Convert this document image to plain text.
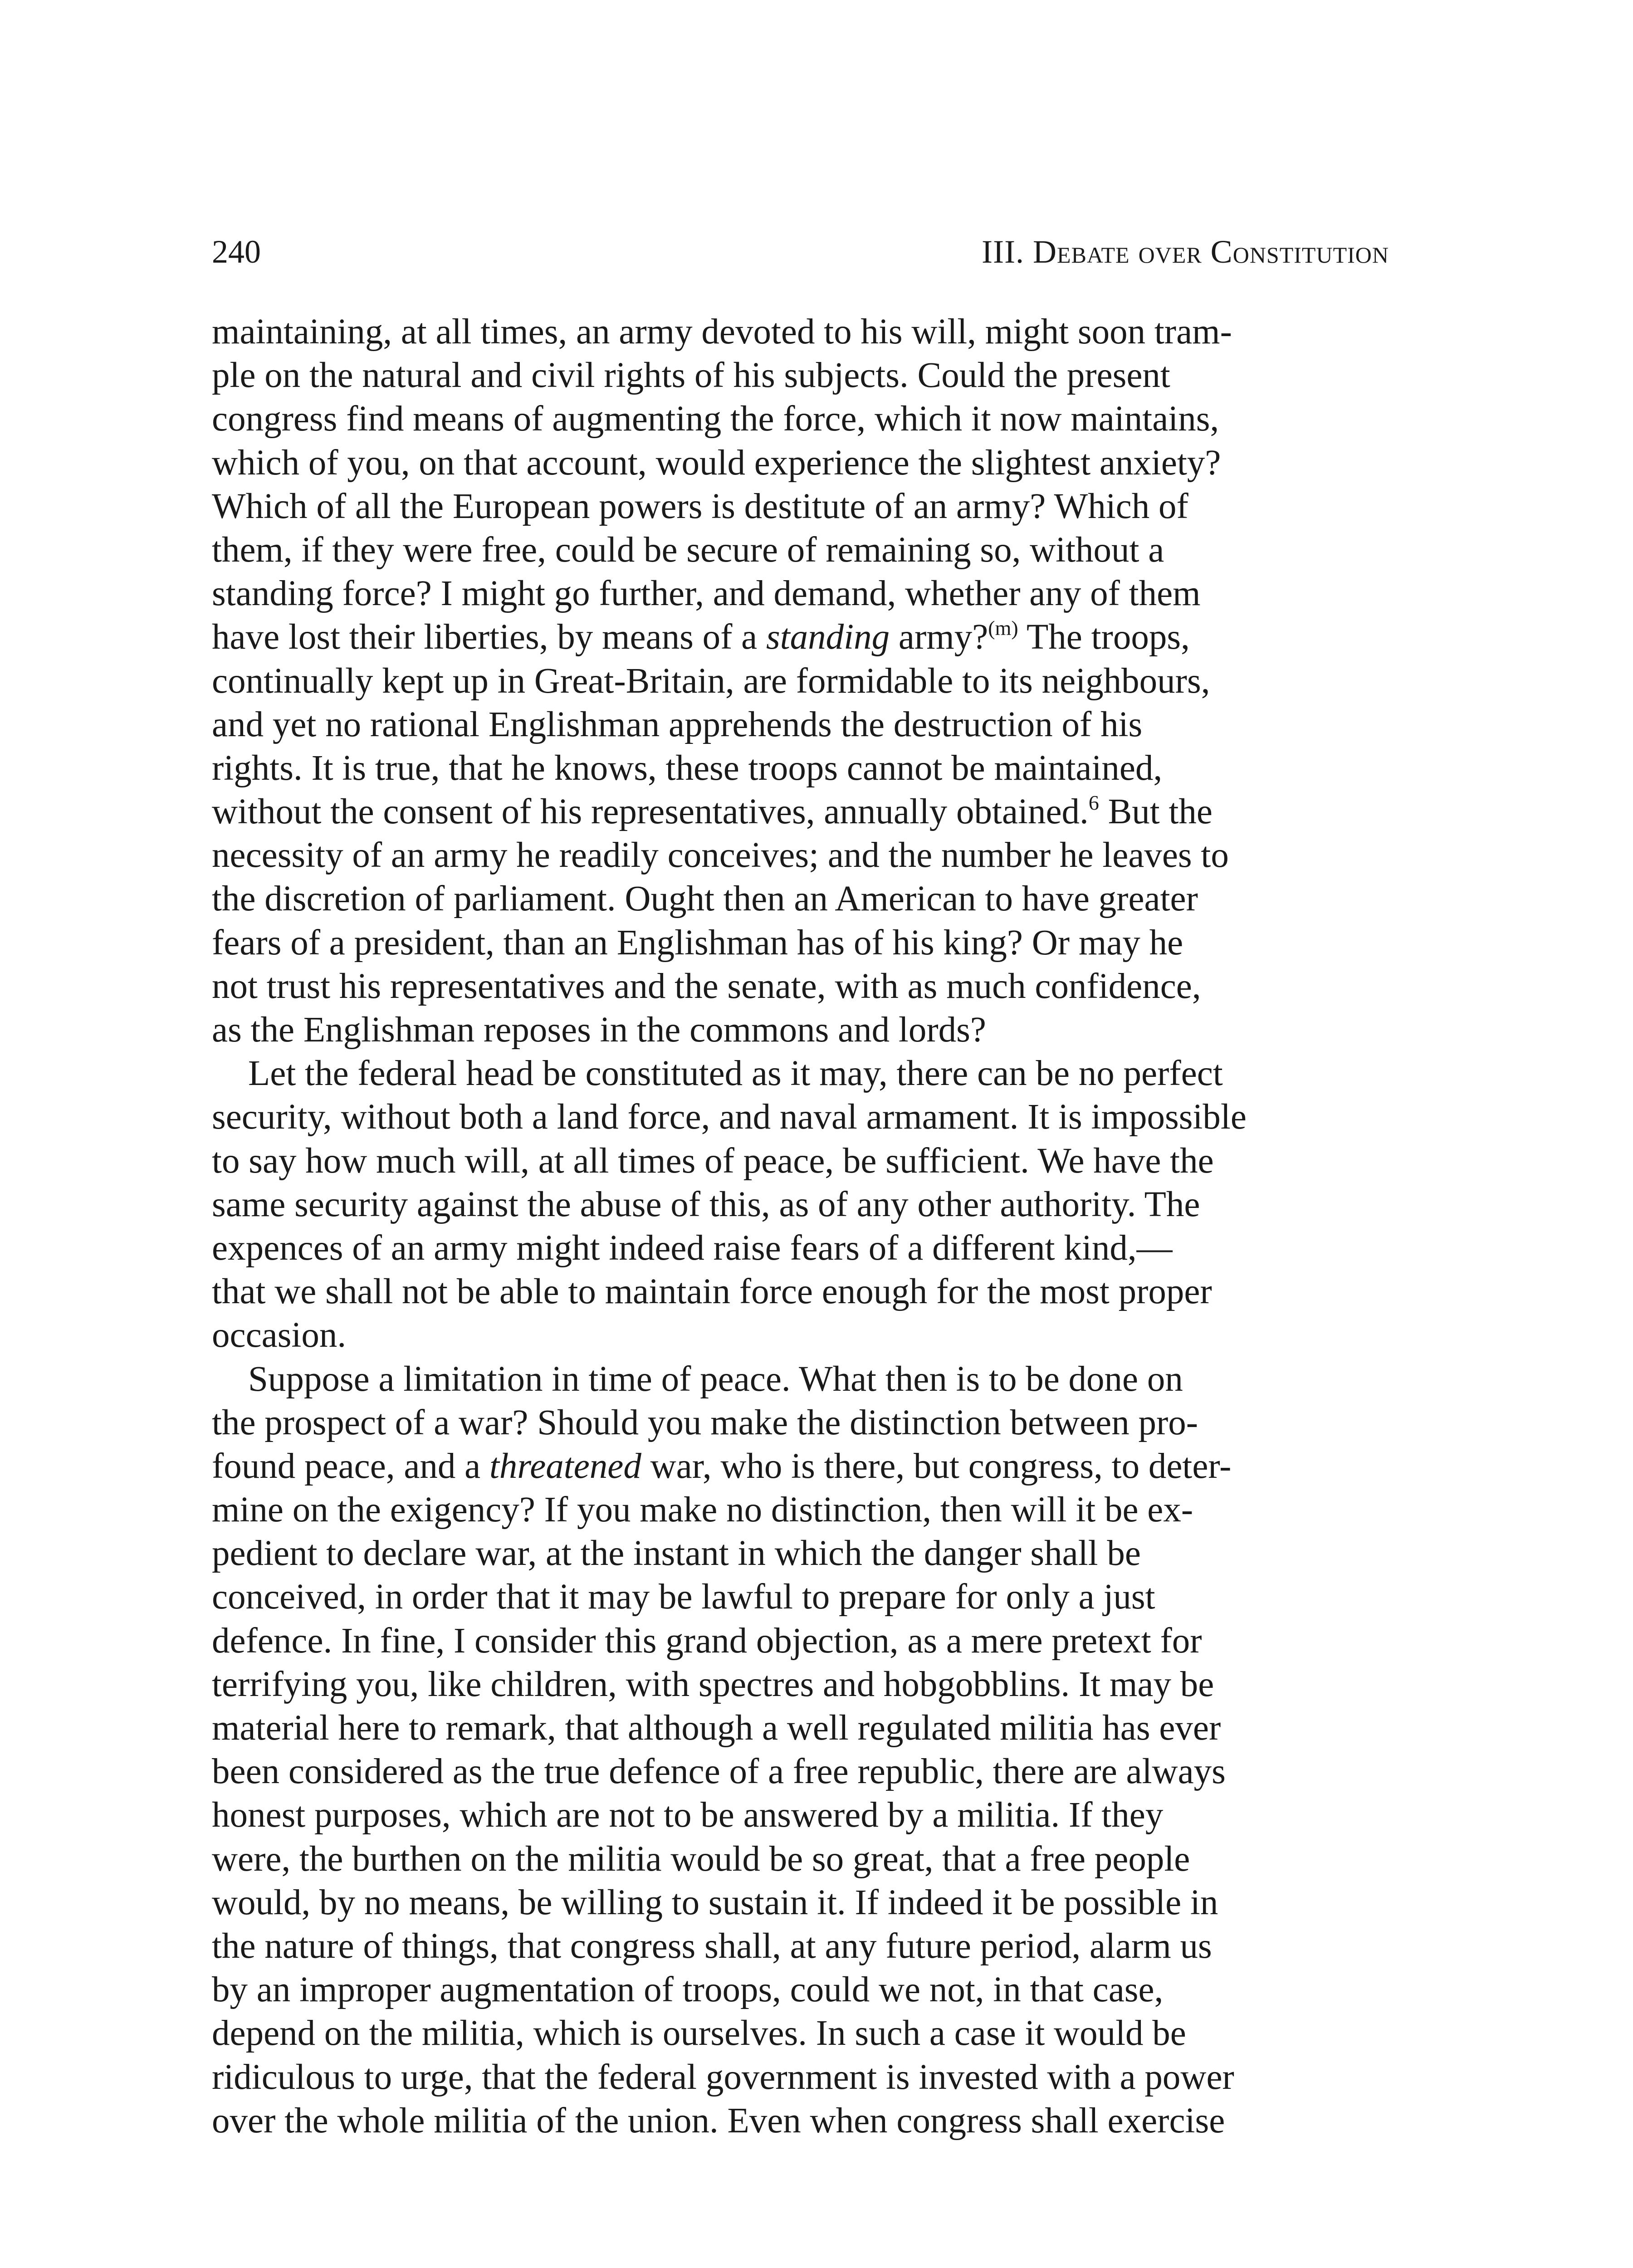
240	III. Debate over Constitution
maintaining, at all times, an army devoted to his will, might soon tram-
ple on the natural and civil rights of his subjects. Could the present
congress find means of augmenting the force, which it now maintains,
which of you, on that account, would experience the slightest anxiety?
Which of all the European powers is destitute of an army? Which of
them, if they were free, could be secure of remaining so, without a
standing force? I might go further, and demand, whether any of them
have lost their liberties, by means of a standing army?$^{(m)}$ The troops,
continually kept up in Great-Britain, are formidable to its neighbours,
and yet no rational Englishman apprehends the destruction of his
rights. It is true, that he knows, these troops cannot be maintained,
without the consent of his representatives, annually obtained.$^6$ But the
necessity of an army he readily conceives; and the number he leaves to
the discretion of parliament. Ought then an American to have greater
fears of a president, than an Englishman has of his king? Or may he
not trust his representatives and the senate, with as much confidence,
as the Englishman reposes in the commons and lords?
Let the federal head be constituted as it may, there can be no perfect
security, without both a land force, and naval armament. It is impossible
to say how much will, at all times of peace, be sufficient. We have the
same security against the abuse of this, as of any other authority. The
expences of an army might indeed raise fears of a different kind,—
that we shall not be able to maintain force enough for the most proper
occasion.
Suppose a limitation in time of peace. What then is to be done on
the prospect of a war? Should you make the distinction between pro-
found peace, and a threatened war, who is there, but congress, to deter-
mine on the exigency? If you make no distinction, then will it be ex-
pedient to declare war, at the instant in which the danger shall be
conceived, in order that it may be lawful to prepare for only a just
defence. In fine, I consider this grand objection, as a mere pretext for
terrifying you, like children, with spectres and hobgobblins. It may be
material here to remark, that although a well regulated militia has ever
been considered as the true defence of a free republic, there are always
honest purposes, which are not to be answered by a militia. If they
were, the burthen on the militia would be so great, that a free people
would, by no means, be willing to sustain it. If indeed it be possible in
the nature of things, that congress shall, at any future period, alarm us
by an improper augmentation of troops, could we not, in that case,
depend on the militia, which is ourselves. In such a case it would be
ridiculous to urge, that the federal government is invested with a power
over the whole militia of the union. Even when congress shall exercise
